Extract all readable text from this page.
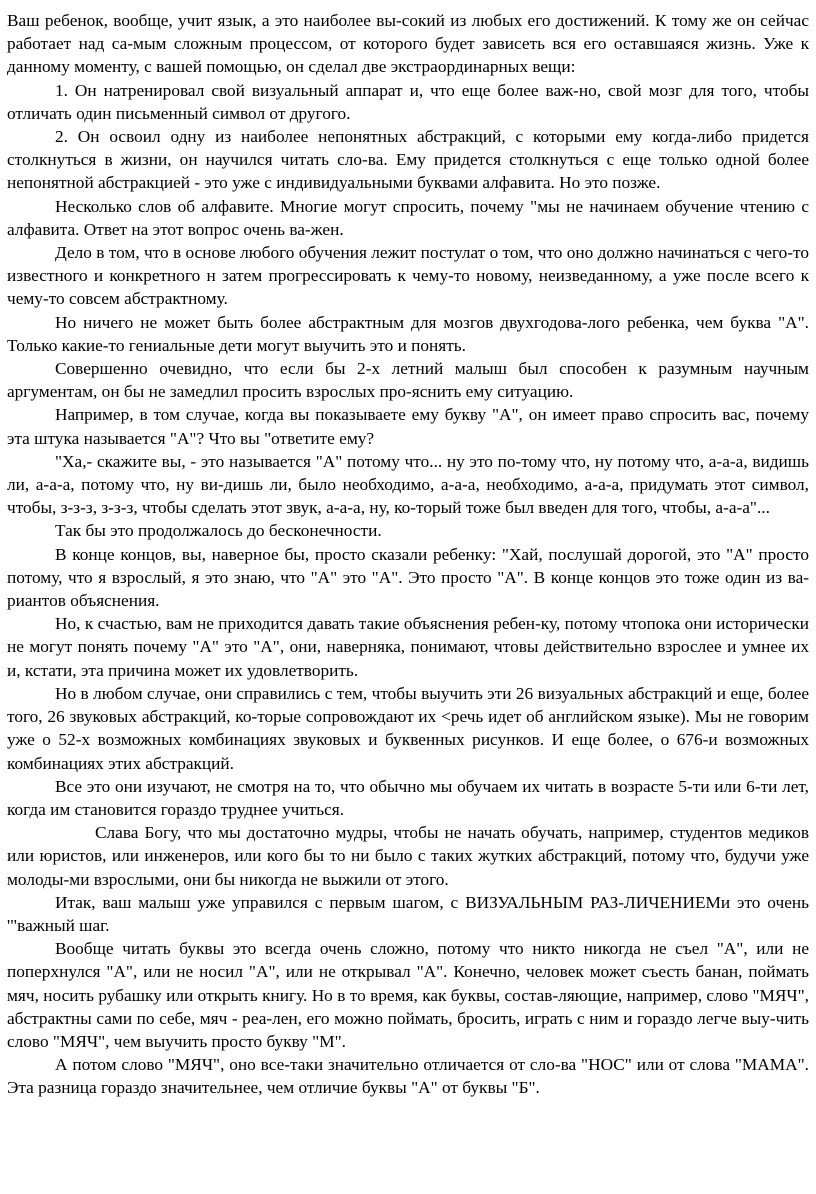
Ваш ребенок, вообще, учит язык, а это наиболее вы-сокий из любых его достижений. К тому же он сейчас работает над са-мым сложным процессом, от которого будет зависеть вся его оставшаяся жизнь. Уже к данному моменту, с вашей помощью, он сделал две экстраординарных вещи:

1. Он натренировал свой визуальный аппарат и, что еще более важ-но, свой мозг для того, чтобы отличать один письменный символ от другого.

2. Он освоил одну из наиболее непонятных абстракций, с которыми ему когда-либо придется столкнуться в жизни, он научился читать сло-ва. Ему придется столкнуться с еще только одной более непонятной абстракцией - это уже с индивидуальными буквами алфавита. Но это позже.

Несколько слов об алфавите. Многие могут спросить, почему "мы не начинаем обучение чтению с алфавита. Ответ на этот вопрос очень ва-жен.

Дело в том, что в основе любого обучения лежит постулат о том, что оно должно начинаться с чего-то известного и конкретного н затем прогрессировать к чему-то новому, неизведанному, а уже после всего к чему-то совсем абстрактному.

Но ничего не может быть более абстрактным для мозгов двухгодова-лого ребенка, чем буква "А". Только какие-то гениальные дети могут выучить это и понять.

Совершенно очевидно, что если бы 2-х летний малыш был способен к разумным научным аргументам, он бы не замедлил просить взрослых про-яснить ему ситуацию.

Например, в том случае, когда вы показываете ему букву "А", он имеет право спросить вас, почему эта штука называется "А"? Что вы "ответите ему?

"Ха,- скажите вы, - это называется "А" потому что... ну это по-тому что, ну потому что, а-а-а, видишь ли, а-а-а, потому что, ну ви-дишь ли, было необходимо, а-а-а, необходимо, а-а-а, придумать этот символ, чтобы, з-з-з, з-з-з, чтобы сделать этот звук, а-а-а, ну, ко-торый тоже был введен для того, чтобы, а-а-а"...

Так бы это продолжалось до бесконечности.

В конце концов, вы, наверное бы, просто сказали ребенку: "Хай, послушай дорогой, это "А" просто потому, что я взрослый, я это знаю, что "А" это "А". Это просто "А". В конце концов это тоже один из ва-риантов объяснения.

Но, к счастью, вам не приходится давать такие объяснения ребен-ку, потому чтопока они исторически не могут понять почему "А" это "А", они, наверняка, понимают, чтовы действительно взрослее и умнее их и, кстати, эта причина может их удовлетворить.

Но в любом случае, они справились с тем, чтобы выучить эти 26 визуальных абстракций и еще, более того, 26 звуковых абстракций, ко-торые сопровождают их <речь идет об английском языке). Мы не говорим уже о 52-х возможных комбинациях звуковых и буквенных рисунков. И еще более, о 676-и возможных комбинациях этих абстракций.

Все это они изучают, не смотря на то, что обычно мы обучаем их читать в возрасте 5-ти или 6-ти лет, когда им становится гораздо труднее учиться.

Слава Богу, что мы достаточно мудры, чтобы не начать обучать, например, студентов медиков или юристов, или инженеров, или кого бы то ни было с таких жутких абстракций, потому что, будучи уже молоды-ми взрослыми, они бы никогда не выжили от этого.

Итак, ваш малыш уже управился с первым шагом, с ВИЗУАЛЬНЫМ РАЗ-ЛИЧЕНИЕМи это очень '"важный шаг.

Вообще читать буквы это всегда очень сложно, потому что никто никогда не съел "А", или не поперхнулся "А", или не носил "А", или не открывал "А". Конечно, человек может съесть банан, поймать мяч, носить рубашку или открыть книгу. Но в то время, как буквы, состав-ляющие, например, слово "МЯЧ", абстрактны сами по себе, мяч - реа-лен, его можно поймать, бросить, играть с ним и гораздо легче выу-чить слово "МЯЧ", чем выучить просто букву "М".

А потом слово "МЯЧ", оно все-таки значительно отличается от сло-ва "НОС" или от слова "МАМА". Эта разница гораздо значительнее, чем отличие буквы "А" от буквы "Б".
